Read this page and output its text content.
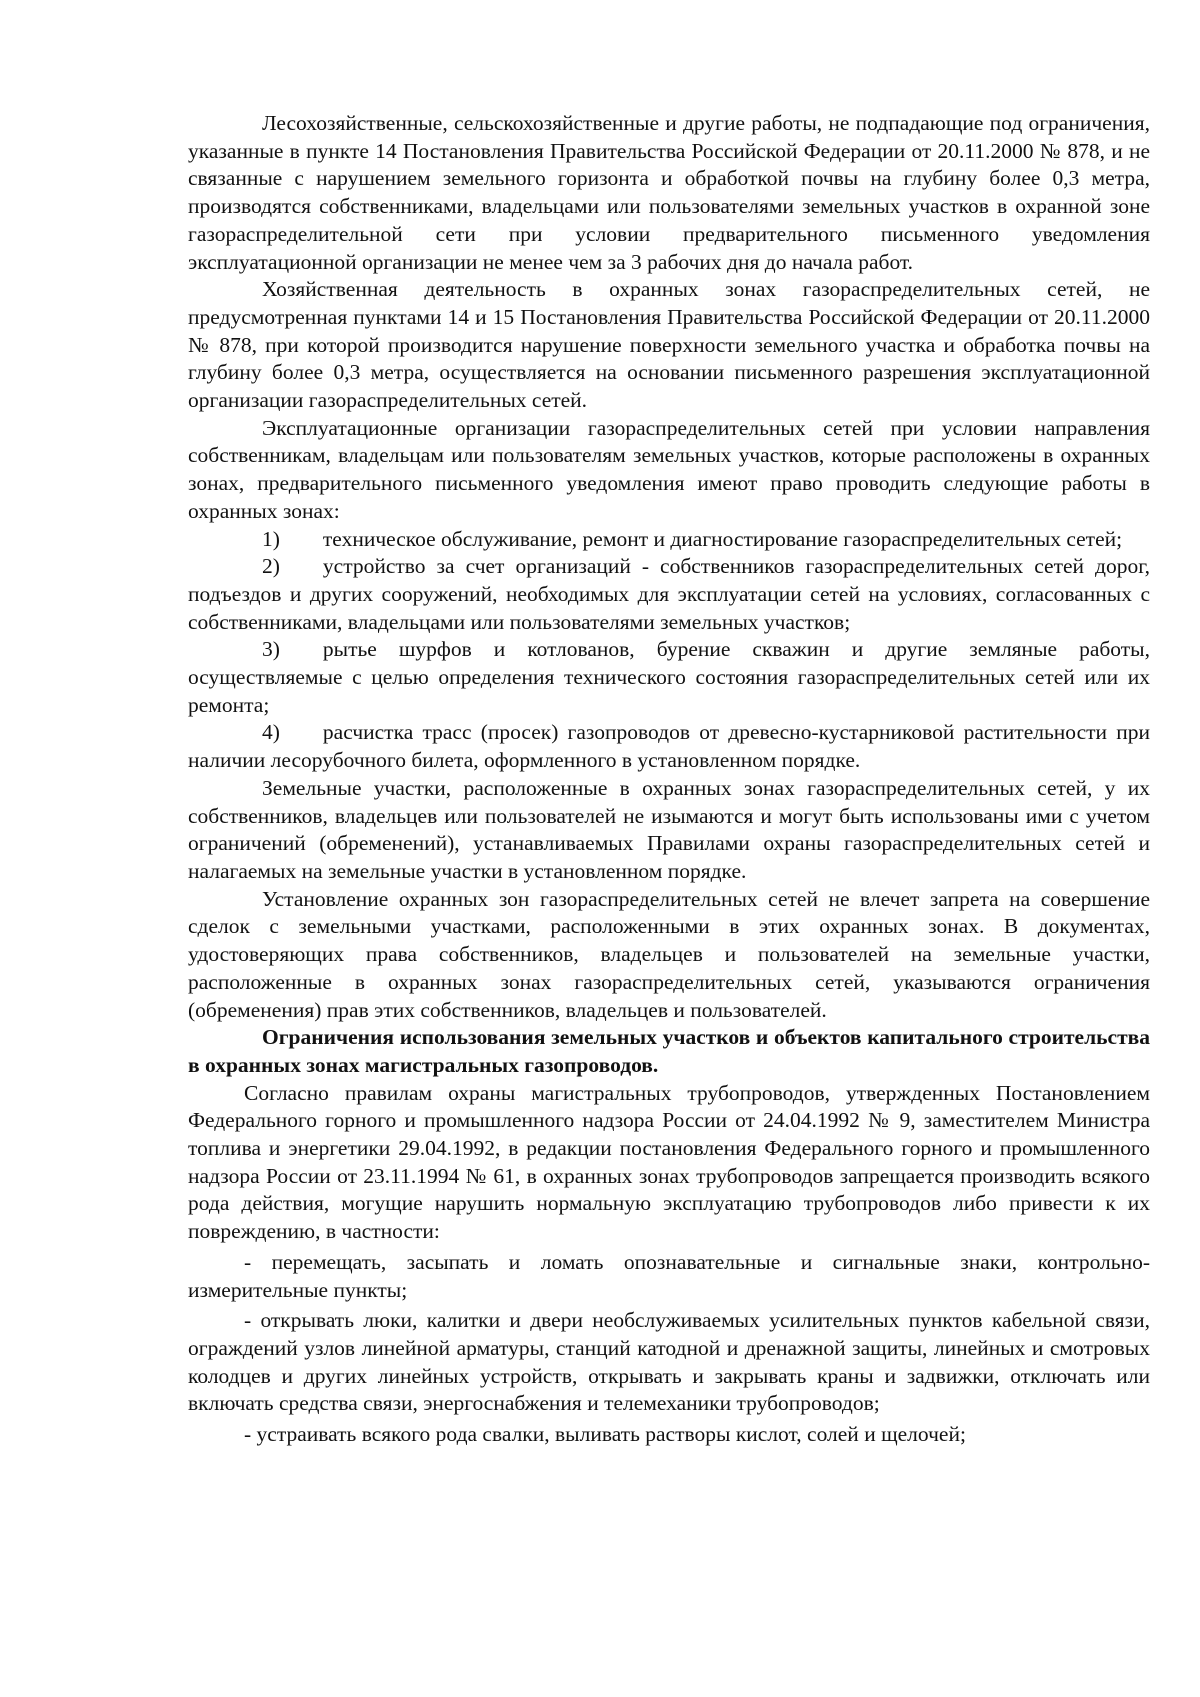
Лесохозяйственные, сельскохозяйственные и другие работы, не подпадающие под ограничения, указанные в пункте 14 Постановления Правительства Российской Федерации от 20.11.2000 № 878, и не связанные с нарушением земельного горизонта и обработкой почвы на глубину более 0,3 метра, производятся собственниками, владельцами или пользователями земельных участков в охранной зоне газораспределительной сети при условии предварительного письменного уведомления эксплуатационной организации не менее чем за 3 рабочих дня до начала работ.

Хозяйственная деятельность в охранных зонах газораспределительных сетей, не предусмотренная пунктами 14 и 15 Постановления Правительства Российской Федерации от 20.11.2000 № 878, при которой производится нарушение поверхности земельного участка и обработка почвы на глубину более 0,3 метра, осуществляется на основании письменного разрешения эксплуатационной организации газораспределительных сетей.

Эксплуатационные организации газораспределительных сетей при условии направления собственникам, владельцам или пользователям земельных участков, которые расположены в охранных зонах, предварительного письменного уведомления имеют право проводить следующие работы в охранных зонах:

1)  техническое обслуживание, ремонт и диагностирование газораспределительных сетей;

2)  устройство за счет организаций - собственников газораспределительных сетей дорог, подъездов и других сооружений, необходимых для эксплуатации сетей на условиях, согласованных с собственниками, владельцами или пользователями земельных участков;

3)  рытье шурфов и котлованов, бурение скважин и другие земляные работы, осуществляемые с целью определения технического состояния газораспределительных сетей или их ремонта;

4)  расчистка трасс (просек) газопроводов от древесно-кустарниковой растительности при наличии лесорубочного билета, оформленного в установленном порядке.

Земельные участки, расположенные в охранных зонах газораспределительных сетей, у их собственников, владельцев или пользователей не изымаются и могут быть использованы ими с учетом ограничений (обременений), устанавливаемых Правилами охраны газораспределительных сетей и налагаемых на земельные участки в установленном порядке.

Установление охранных зон газораспределительных сетей не влечет запрета на совершение сделок с земельными участками, расположенными в этих охранных зонах. В документах, удостоверяющих права собственников, владельцев и пользователей на земельные участки, расположенные в охранных зонах газораспределительных сетей, указываются ограничения (обременения) прав этих собственников, владельцев и пользователей.

Ограничения использования земельных участков и объектов капитального строительства в охранных зонах магистральных газопроводов.

Согласно правилам охраны магистральных трубопроводов, утвержденных Постановлением Федерального горного и промышленного надзора России от 24.04.1992 № 9, заместителем Министра топлива и энергетики 29.04.1992, в редакции постановления Федерального горного и промышленного надзора России от 23.11.1994 № 61, в охранных зонах трубопроводов запрещается производить всякого рода действия, могущие нарушить нормальную эксплуатацию трубопроводов либо привести к их повреждению, в частности:

- перемещать, засыпать и ломать опознавательные и сигнальные знаки, контрольно-измерительные пункты;

- открывать люки, калитки и двери необслуживаемых усилительных пунктов кабельной связи, ограждений узлов линейной арматуры, станций катодной и дренажной защиты, линейных и смотровых колодцев и других линейных устройств, открывать и закрывать краны и задвижки, отключать или включать средства связи, энергоснабжения и телемеханики трубопроводов;

- устраивать всякого рода свалки, выливать растворы кислот, солей и щелочей;
